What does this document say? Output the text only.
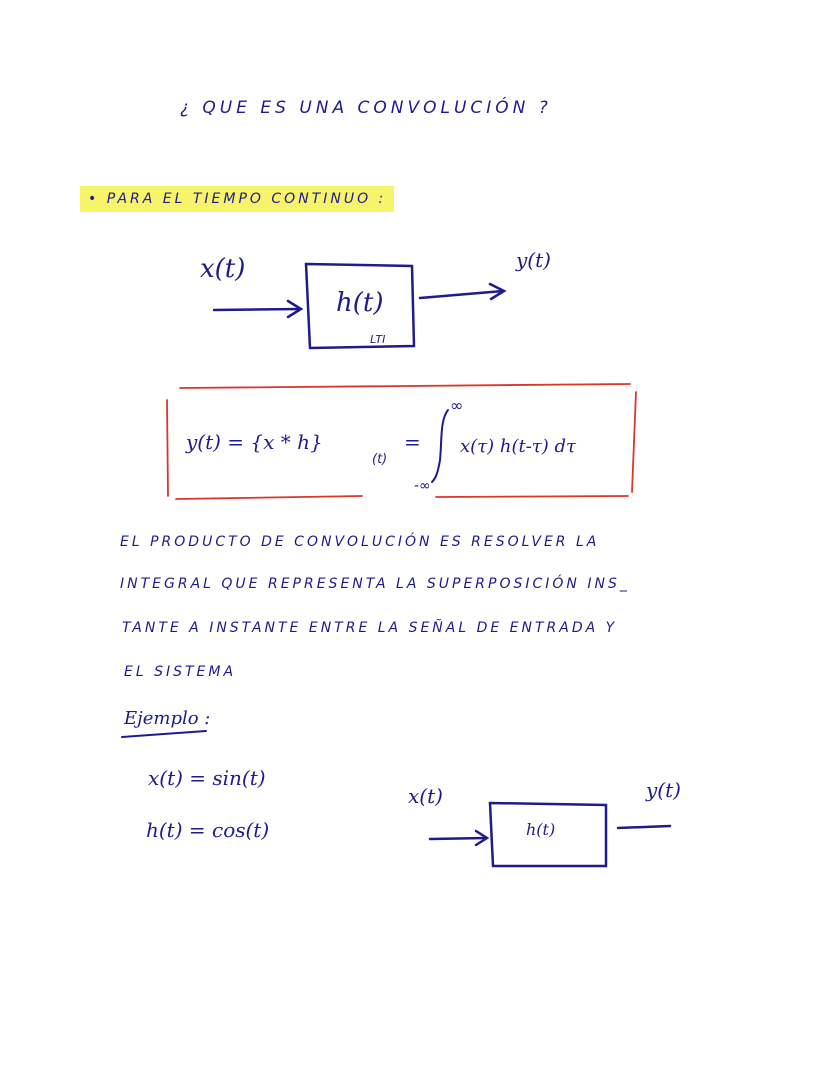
¿ QUE ES UNA CONVOLUCIÓN ?
• PARA EL TIEMPO CONTINUO :
x(t)
h(t)
LTI
y(t)
y(t) = {x * h}
(t)
=
∞
-∞
x(τ) h(t-τ) dτ
EL PRODUCTO DE CONVOLUCIÓN ES RESOLVER LA
INTEGRAL QUE REPRESENTA LA SUPERPOSICIÓN INS_
TANTE A INSTANTE ENTRE LA SEÑAL DE ENTRADA Y
EL SISTEMA
Ejemplo :
x(t) = sin(t)
h(t) = cos(t)
x(t)
h(t)
y(t)
